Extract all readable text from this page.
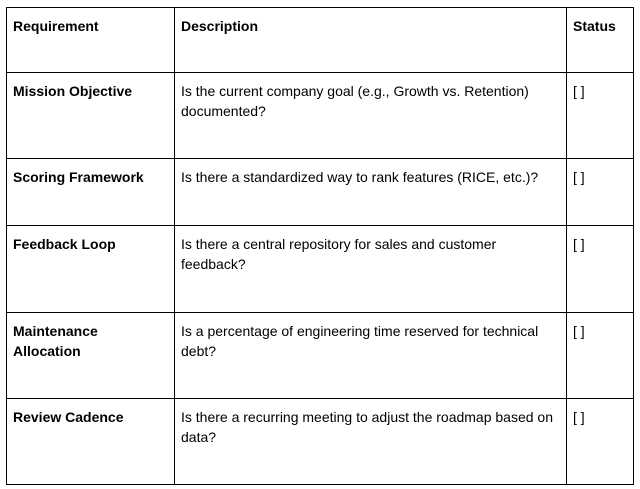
Requirement	Description	Status
Mission Objective	Is the current company goal (e.g., Growth vs. Retention) documented?	[ ]
Scoring Framework	Is there a standardized way to rank features (RICE, etc.)?	[ ]
Feedback Loop	Is there a central repository for sales and customer feedback?	[ ]
Maintenance Allocation	Is a percentage of engineering time reserved for technical debt?	[ ]
Review Cadence	Is there a recurring meeting to adjust the roadmap based on data?	[ ]
